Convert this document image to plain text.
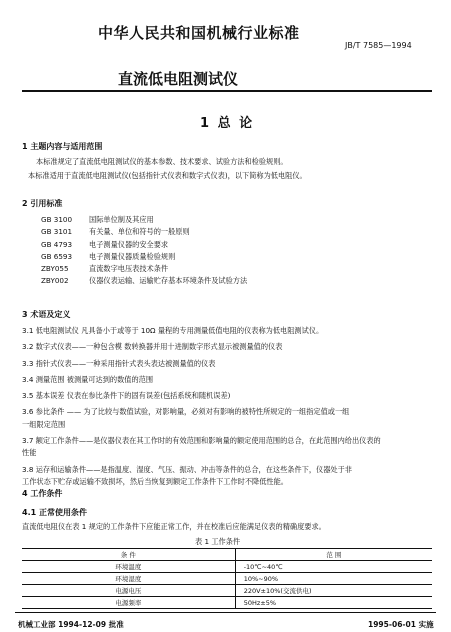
中华人民共和国机械行业标准
JB/T 7585—1994
直流低电阻测试仪
1 总 论
1 主题内容与适用范围
本标准规定了直流低电阻测试仪的基本参数、技术要求、试验方法和检验规则。
本标准适用于直流低电阻测试仪(包括指针式仪表和数字式仪表)，以下简称为低电阻仪。
2 引用标准
GB 3100 国际单位制及其应用
GB 3101 有关量、单位和符号的一般原则
GB 4793 电子测量仪器的安全要求
GB 6593 电子测量仪器质量检验规则
ZBY055	直流数字电压表技术条件
ZBY002	仪器仪表运输、运输贮存基本环境条件及试验方法
3 术语及定义
3.1 低电阻测试仪 凡具备小于或等于 10Ω 量程的专用测量低值电阻的仪表称为低电阻测试仪。
3.2 数字式仪表——一种包含模 数转换器并用十进制数字形式显示被测量值的仪表
3.3 指针式仪表——一种采用指针式表头表达被测量值的仪表
3.4 测量范围 被测量可达到的数值的范围
3.5 基本误差 仪表在参比条件下的固有误差(包括系统和随机误差)
3.6 参比条件 —— 为了比较与数值试验，对影响量，必须对有影响的被特性所规定的一组指定值或一组
一组限定范围
3.7 额定工作条件——是仪器仪表在其工作时的有效范围和影响量的额定使用范围的总合，在此范围内给出仪表的
性能
3.8 运存和运输条件——是指温度、湿度、气压、振动、冲击等条件的总合，在这些条件下，仪器处于非
工作状态下贮存或运输不致损坏，然后当恢复到额定工作条件下工作时不降低性能。
4 工作条件
4.1 正常使用条件
直流低电阻仪在表 1 规定的工作条件下应能正常工作，并在校准后应能满足仪表的精确度要求。
表 1 工作条件
条 件	范 围
环境温度	-10℃~40℃
环境湿度	10%~90%
电源电压	220V±10%(交流供电)
电源频率	50Hz±5%
机械工业部 1994-12-09 批准	1995-06-01 实施
